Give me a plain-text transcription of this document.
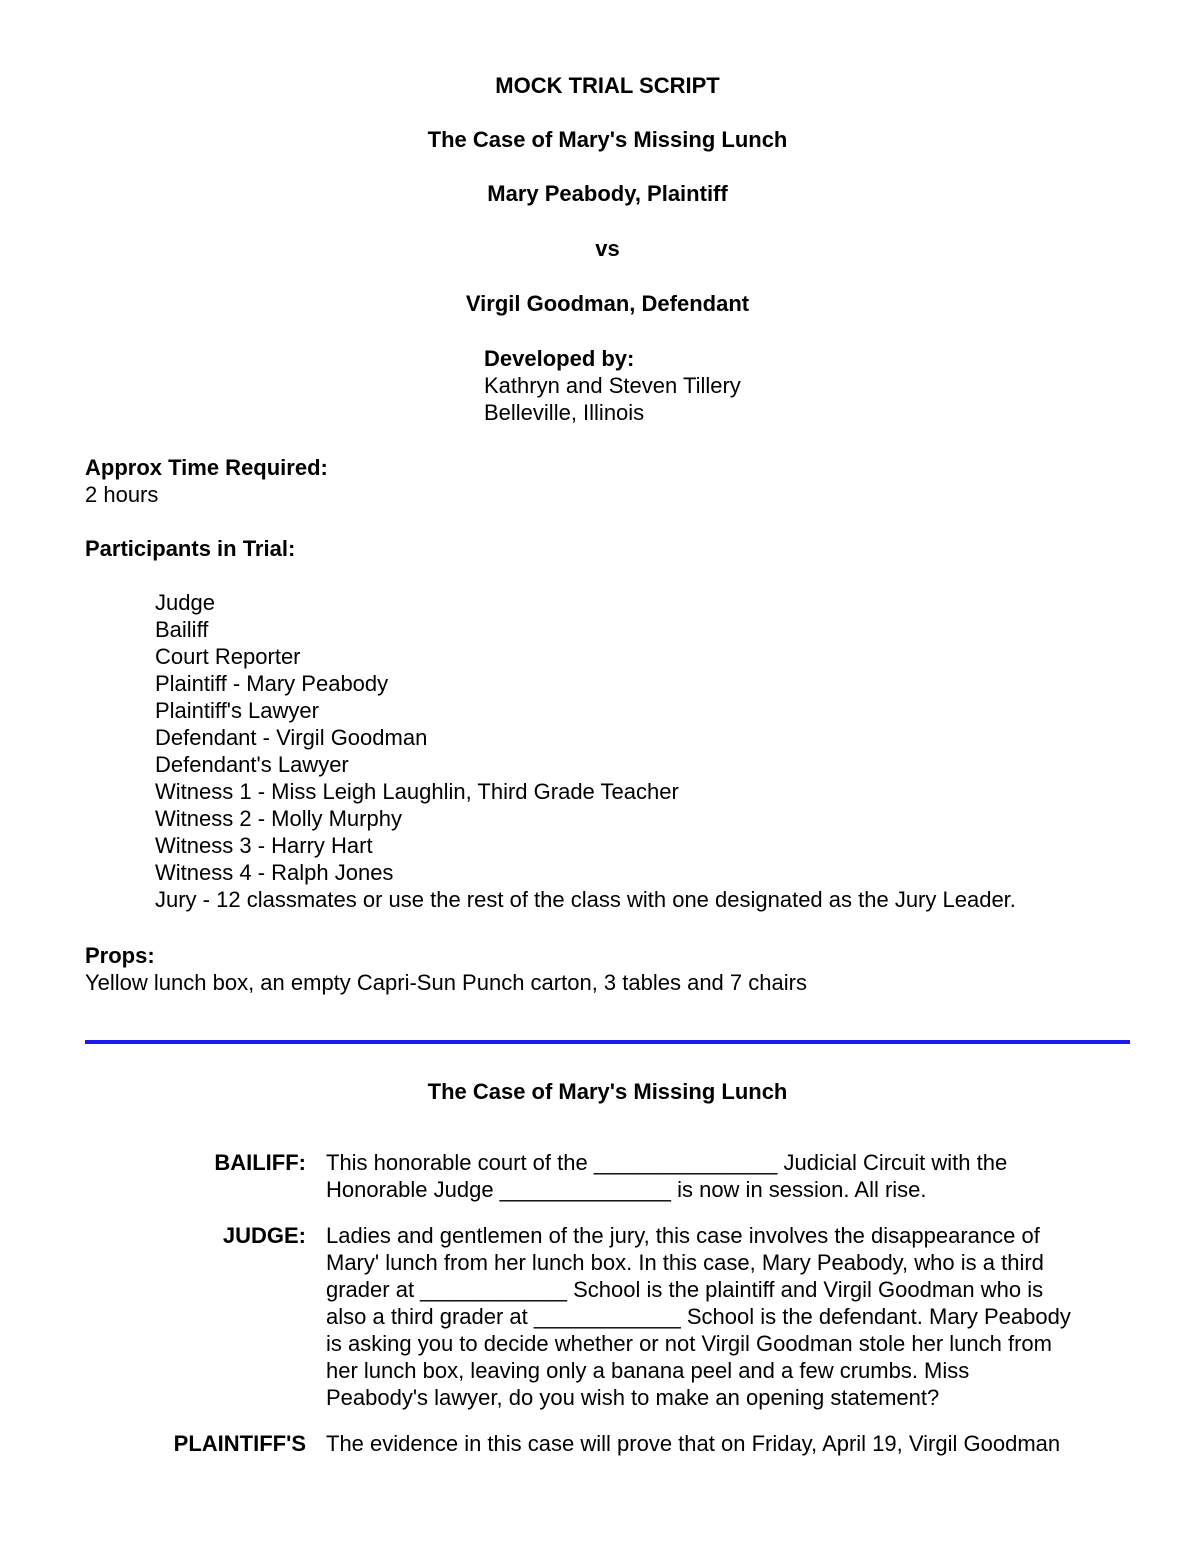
MOCK TRIAL SCRIPT
The Case of Mary's Missing Lunch
Mary Peabody, Plaintiff
vs
Virgil Goodman, Defendant
Developed by:
Kathryn and Steven Tillery
Belleville, Illinois
Approx Time Required:
2 hours
Participants in Trial:
Judge
Bailiff
Court Reporter
Plaintiff - Mary Peabody
Plaintiff's Lawyer
Defendant - Virgil Goodman
Defendant's Lawyer
Witness 1 - Miss Leigh Laughlin, Third Grade Teacher
Witness 2 - Molly Murphy
Witness 3 - Harry Hart
Witness 4 - Ralph Jones
Jury - 12 classmates or use the rest of the class with one designated as the Jury Leader.
Props:
Yellow lunch box, an empty Capri-Sun Punch carton, 3 tables and 7 chairs
The Case of Mary's Missing Lunch
BAILIFF: This honorable court of the _______________ Judicial Circuit with the
Honorable Judge ______________ is now in session. All rise.
JUDGE: Ladies and gentlemen of the jury, this case involves the disappearance of
Mary' lunch from her lunch box. In this case, Mary Peabody, who is a third
grader at ____________ School is the plaintiff and Virgil Goodman who is
also a third grader at ____________ School is the defendant. Mary Peabody
is asking you to decide whether or not Virgil Goodman stole her lunch from
her lunch box, leaving only a banana peel and a few crumbs. Miss
Peabody's lawyer, do you wish to make an opening statement?
PLAINTIFF'S The evidence in this case will prove that on Friday, April 19, Virgil Goodman
